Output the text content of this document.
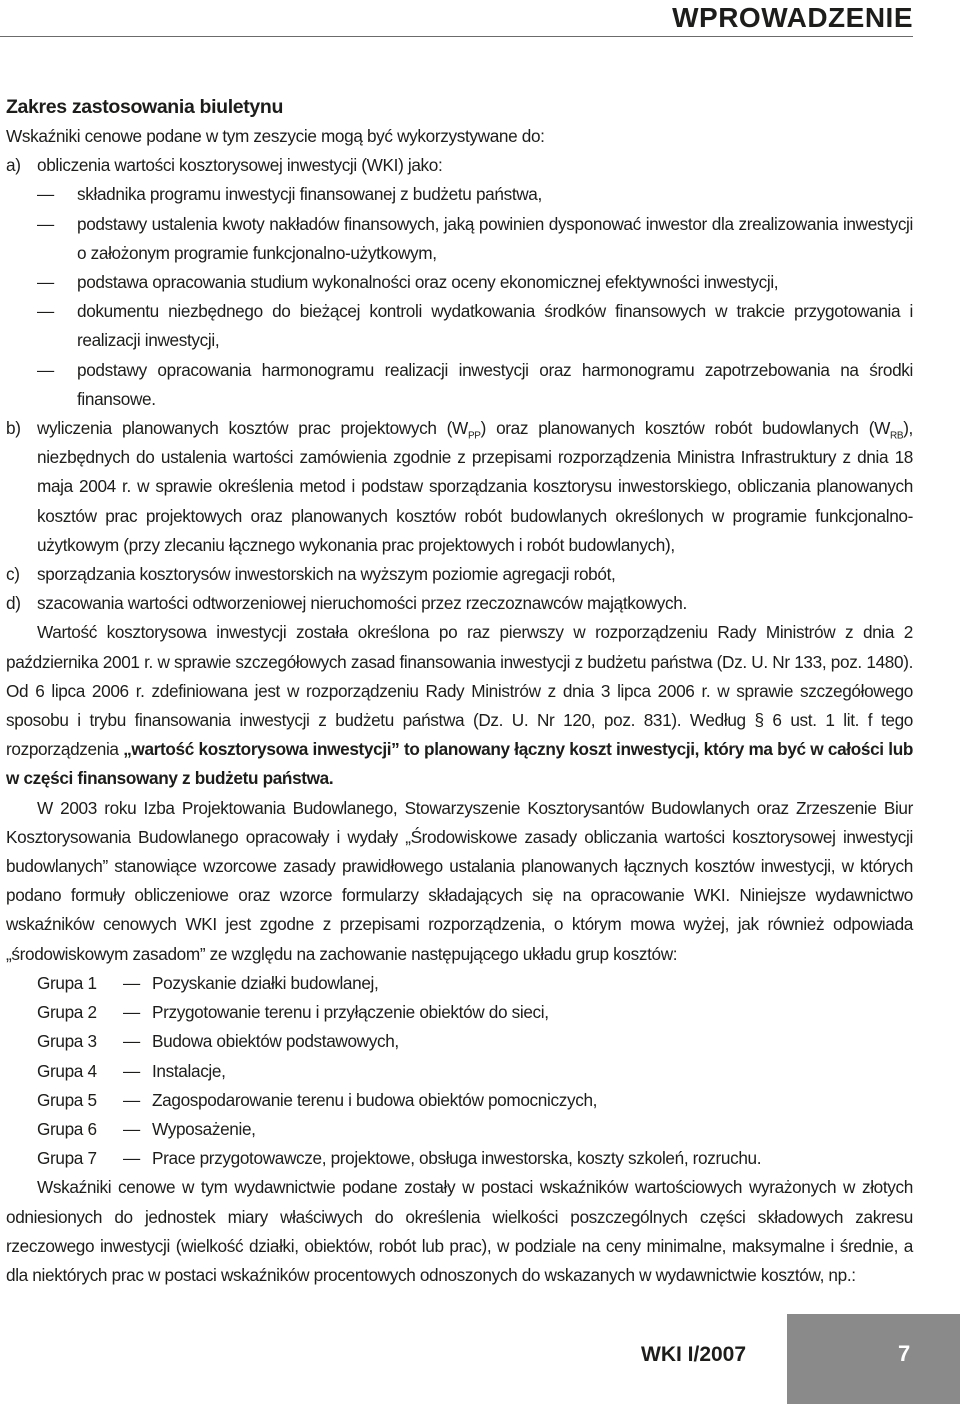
WPROWADZENIE

Zakres zastosowania biuletynu

Wskaźniki cenowe podane w tym zeszycie mogą być wykorzystywane do:

a) obliczenia wartości kosztorysowej inwestycji (WKI) jako:
—	składnika programu inwestycji finansowanej z budżetu państwa,
—	podstawy ustalenia kwoty nakładów finansowych, jaką powinien dysponować inwestor dla zrealizowania inwestycji o założonym programie funkcjonalno-użytkowym,
—	podstawa opracowania studium wykonalności oraz oceny ekonomicznej efektywności inwestycji,
—	dokumentu niezbędnego do bieżącej kontroli wydatkowania środków finansowych w trakcie przygotowania i realizacji inwestycji,
—	podstawy opracowania harmonogramu realizacji inwestycji oraz harmonogramu zapotrzebowania na środki finansowe.
b) wyliczenia planowanych kosztów prac projektowych $(W_{PP})$ oraz planowanych kosztów robót budowlanych $(W_{RB})$, niezbędnych do ustalenia wartości zamówienia zgodnie z przepisami rozporządzenia Ministra Infrastruktury z dnia 18 maja 2004 r. w sprawie określenia metod i podstaw sporządzania kosztorysu inwestorskiego, obliczania planowanych kosztów prac projektowych oraz planowanych kosztów robót budowlanych określonych w programie funkcjonalno-użytkowym (przy zlecaniu łącznego wykonania prac projektowych i robót budowlanych),
c)	sporządzania kosztorysów inwestorskich na wyższym poziomie agregacji robót,
d) szacowania wartości odtworzeniowej nieruchomości przez rzeczoznawców majątkowych.

Wartość kosztorysowa inwestycji została określona po raz pierwszy w rozporządzeniu Rady Ministrów z dnia 2 października 2001 r. w sprawie szczegółowych zasad finansowania inwestycji z budżetu państwa (Dz. U. Nr 133, poz. 1480). Od 6 lipca 2006 r. zdefiniowana jest w rozporządzeniu Rady Ministrów z dnia 3 lipca 2006 r. w sprawie szczegółowego sposobu i trybu finansowania inwestycji z budżetu państwa (Dz. U. Nr 120, poz. 831). Według § 6 ust. 1 lit. f tego rozporządzenia „wartość kosztorysowa inwestycji” to planowany łączny koszt inwestycji, który ma być w całości lub w części finansowany z budżetu państwa.

W 2003 roku Izba Projektowania Budowlanego, Stowarzyszenie Kosztorysantów Budowlanych oraz Zrzeszenie Biur Kosztorysowania Budowlanego opracowały i wydały „Środowiskowe zasady obliczania wartości kosztorysowej inwestycji budowlanych” stanowiące wzorcowe zasady prawidłowego ustalania planowanych łącznych kosztów inwestycji, w których podano formuły obliczeniowe oraz wzorce formularzy składających się na opracowanie WKI. Niniejsze wydawnictwo wskaźników cenowych WKI jest zgodne z przepisami rozporządzenia, o którym mowa wyżej, jak również odpowiada „środowiskowym zasadom” ze względu na zachowanie następującego układu grup kosztów:

Grupa 1	— Pozyskanie działki budowlanej,
Grupa 2	— Przygotowanie terenu i przyłączenie obiektów do sieci,
Grupa 3	— Budowa obiektów podstawowych,
Grupa 4	— Instalacje,
Grupa 5	— Zagospodarowanie terenu i budowa obiektów pomocniczych,
Grupa 6	— Wyposażenie,
Grupa 7	— Prace przygotowawcze, projektowe, obsługa inwestorska, koszty szkoleń, rozruchu.

Wskaźniki cenowe w tym wydawnictwie podane zostały w postaci wskaźników wartościowych wyrażonych w złotych odniesionych do jednostek miary właściwych do określenia wielkości poszczególnych części składowych zakresu rzeczowego inwestycji (wielkość działki, obiektów, robót lub prac), w podziale na ceny minimalne, maksymalne i średnie, a dla niektórych prac w postaci wskaźników procentowych odnoszonych do wskazanych w wydawnictwie kosztów, np.:

WKI I/2007	7
